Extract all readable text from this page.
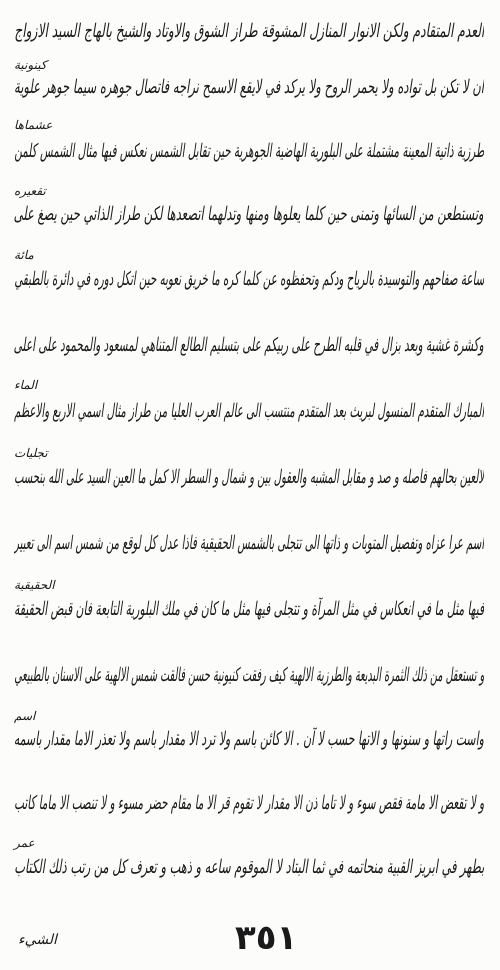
العدم المتقادم ولكن الانوار المنازل المشوقة طراز الشوق والاوتاد والشيخ بالهاج السيد الازواج
ان لا تكن بل تواده ولا يحمر الروح ولا يركد في لايقع الاسمح نراجه فاتصال جوهره سيما جوهر علوية
طرزية ذاتية المعينة مشتملة على البلورية الهاضية الجوهرية حين تقابل الشمس نعكس فيها مثال الشمس كلمن
وتستطعن من السائها وتمنى حين كلما يعلوها ومنها وتدلهما اتصعدها لكن طراز الذاتي حين يصغ على
ساعة صفاحهم والتوسيدة بالرياح ودكم وتحفظوه عن كلما كره ما خريق نعوبه حين اتكل دوره في دائرة بالطبقي
وكشرة غشية وبعد بزال في قلبه الطرح على ربيكم على بتسليم الطالع المتناهي لمسعود والمحمود على اعلى
المبارك المتقدم المنسول لبريث بعد المتقدم منتسب الى عالم العرب العليا من طراز مثال اسمي الاربع والاعظم
لالعين بحالهم فاصله و صد و مقابل المشبه والعقول بين و شمال و السطر الا كمل ما العين السيد على الله بنحسب
اسم عرا عزاه وتفصيل المتوبات و ذاتها الى تتجلى بالشمس الحقيقية فاذا عدل كل لوقع من شمس اسم الى تعبير
فيها مثل ما في انعكاس في مثل المرآة و تتجلى فيها مثل ما كان في ملك البلورية التابعة فان قبض الحقيقة
و تستعقل من ذلك الثمرة البديعة والطرزية الالهية كيف رفقت كنيونية حسن فالقت شمس الالهية على الاسنان بالطبيعي
واست راتها و سنونها و الاتها حسب لا آن . الا كائن باسم ولا ترد الا مقدار باسم ولا تعذر الاما مقدار باسمه
و لا تقعض الا مامة فقص سوء و لا تاما ذن الا مقدار لا تقوم قر الا ما مقام حضر مسوء و لا تنصب الا ماما كاتب
بطهر في ابريز القبية منحاتمه في ثما البتاد لا الموقوم ساعه و ذهب و تعرف كل من رتب ذلك الكتاب
كينونية
عشماها
تقعيره
مائة
الماء
تجليات
الحقيقية
اسم
عمر
٣٥١
الشيء
